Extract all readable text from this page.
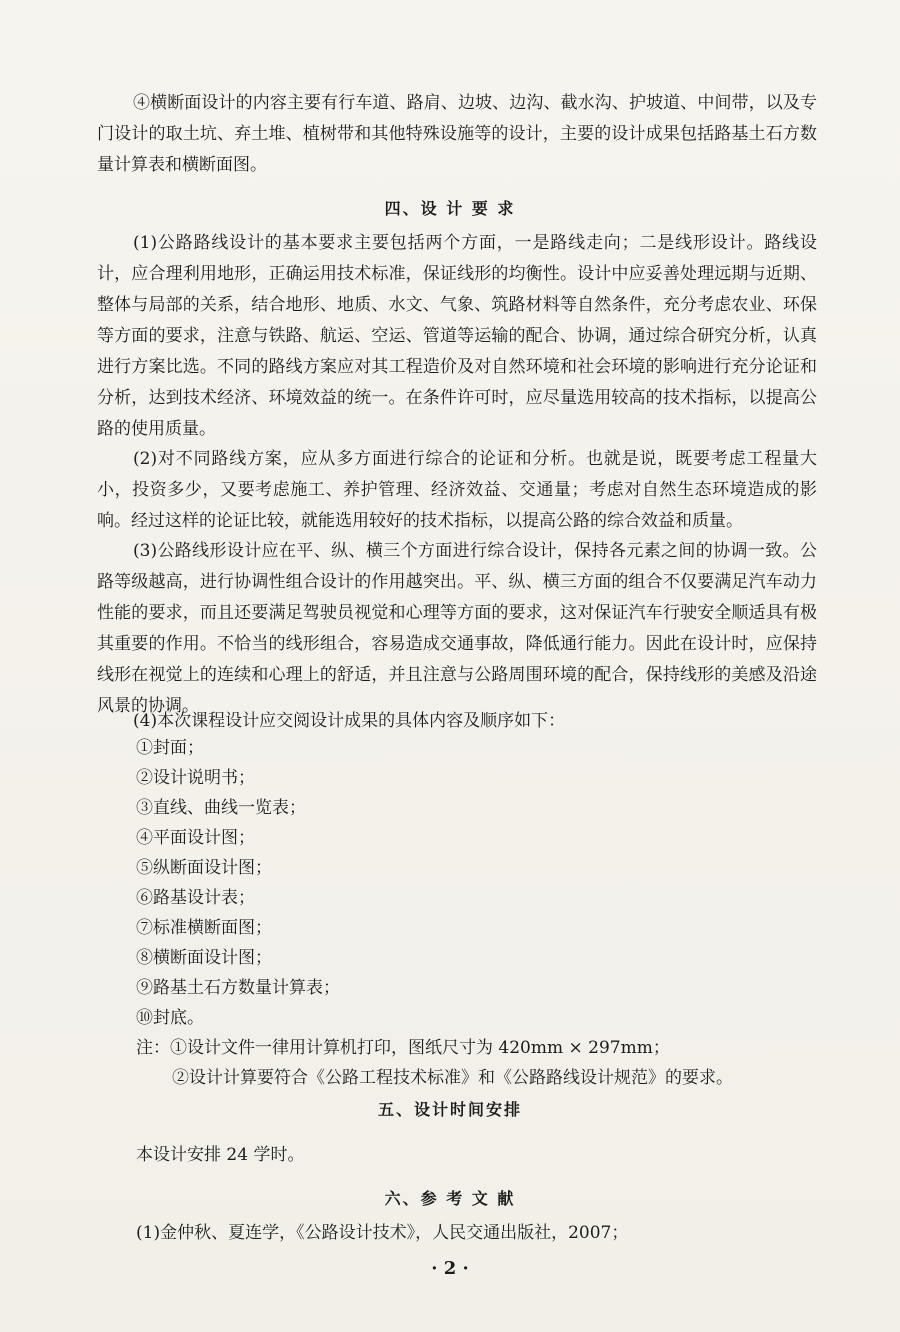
④横断面设计的内容主要有行车道、路肩、边坡、边沟、截水沟、护坡道、中间带，以及专门设计的取土坑、弃土堆、植树带和其他特殊设施等的设计，主要的设计成果包括路基土石方数量计算表和横断面图。

四、设 计 要 求

(1)公路路线设计的基本要求主要包括两个方面，一是路线走向；二是线形设计。路线设计，应合理利用地形，正确运用技术标准，保证线形的均衡性。设计中应妥善处理远期与近期、整体与局部的关系，结合地形、地质、水文、气象、筑路材料等自然条件，充分考虑农业、环保等方面的要求，注意与铁路、航运、空运、管道等运输的配合、协调，通过综合研究分析，认真进行方案比选。不同的路线方案应对其工程造价及对自然环境和社会环境的影响进行充分论证和分析，达到技术经济、环境效益的统一。在条件许可时，应尽量选用较高的技术指标，以提高公路的使用质量。

(2)对不同路线方案，应从多方面进行综合的论证和分析。也就是说，既要考虑工程量大小，投资多少，又要考虑施工、养护管理、经济效益、交通量；考虑对自然生态环境造成的影响。经过这样的论证比较，就能选用较好的技术指标，以提高公路的综合效益和质量。

(3)公路线形设计应在平、纵、横三个方面进行综合设计，保持各元素之间的协调一致。公路等级越高，进行协调性组合设计的作用越突出。平、纵、横三方面的组合不仅要满足汽车动力性能的要求，而且还要满足驾驶员视觉和心理等方面的要求，这对保证汽车行驶安全顺适具有极其重要的作用。不恰当的线形组合，容易造成交通事故，降低通行能力。因此在设计时，应保持线形在视觉上的连续和心理上的舒适，并且注意与公路周围环境的配合，保持线形的美感及沿途风景的协调。

(4)本次课程设计应交阅设计成果的具体内容及顺序如下：

①封面；

②设计说明书；

③直线、曲线一览表；

④平面设计图；

⑤纵断面设计图；

⑥路基设计表；

⑦标准横断面图；

⑧横断面设计图；

⑨路基土石方数量计算表；

⑩封底。

注：①设计文件一律用计算机打印，图纸尺寸为 420mm × 297mm；

②设计计算要符合《公路工程技术标准》和《公路路线设计规范》的要求。

五、设计时间安排

本设计安排 24 学时。

六、参 考 文 献

(1)金仲秋、夏连学，《公路设计技术》，人民交通出版社，2007；

· 2 ·
